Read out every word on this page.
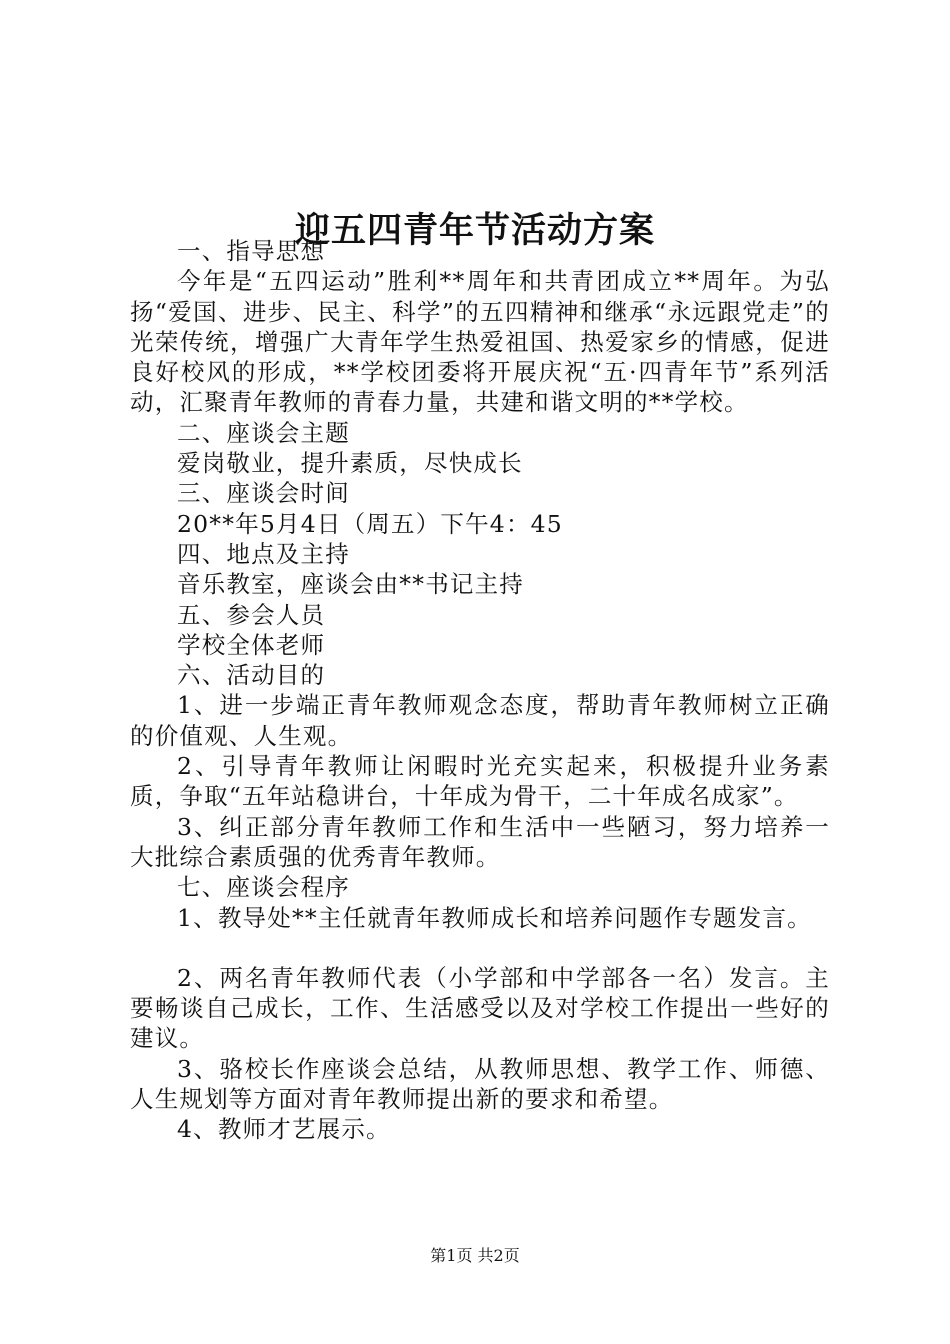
迎五四青年节活动方案

一、指导思想

今年是“五四运动”胜利**周年和共青团成立**周年。为弘扬“爱国、进步、民主、科学”的五四精神和继承“永远跟党走”的光荣传统，增强广大青年学生热爱祖国、热爱家乡的情感，促进良好校风的形成，**学校团委将开展庆祝“五·四青年节”系列活动，汇聚青年教师的青春力量，共建和谐文明的**学校。

二、座谈会主题

爱岗敬业，提升素质，尽快成长

三、座谈会时间

20**年5月4日（周五）下午4：45

四、地点及主持

音乐教室，座谈会由**书记主持

五、参会人员

学校全体老师

六、活动目的

1、进一步端正青年教师观念态度，帮助青年教师树立正确的价值观、人生观。

2、引导青年教师让闲暇时光充实起来，积极提升业务素质，争取“五年站稳讲台，十年成为骨干，二十年成名成家”。

3、纠正部分青年教师工作和生活中一些陋习，努力培养一大批综合素质强的优秀青年教师。

七、座谈会程序

1、教导处**主任就青年教师成长和培养问题作专题发言。

2、两名青年教师代表（小学部和中学部各一名）发言。主要畅谈自己成长，工作、生活感受以及对学校工作提出一些好的建议。

3、骆校长作座谈会总结，从教师思想、教学工作、师德、人生规划等方面对青年教师提出新的要求和希望。

4、教师才艺展示。

第1页 共2页
